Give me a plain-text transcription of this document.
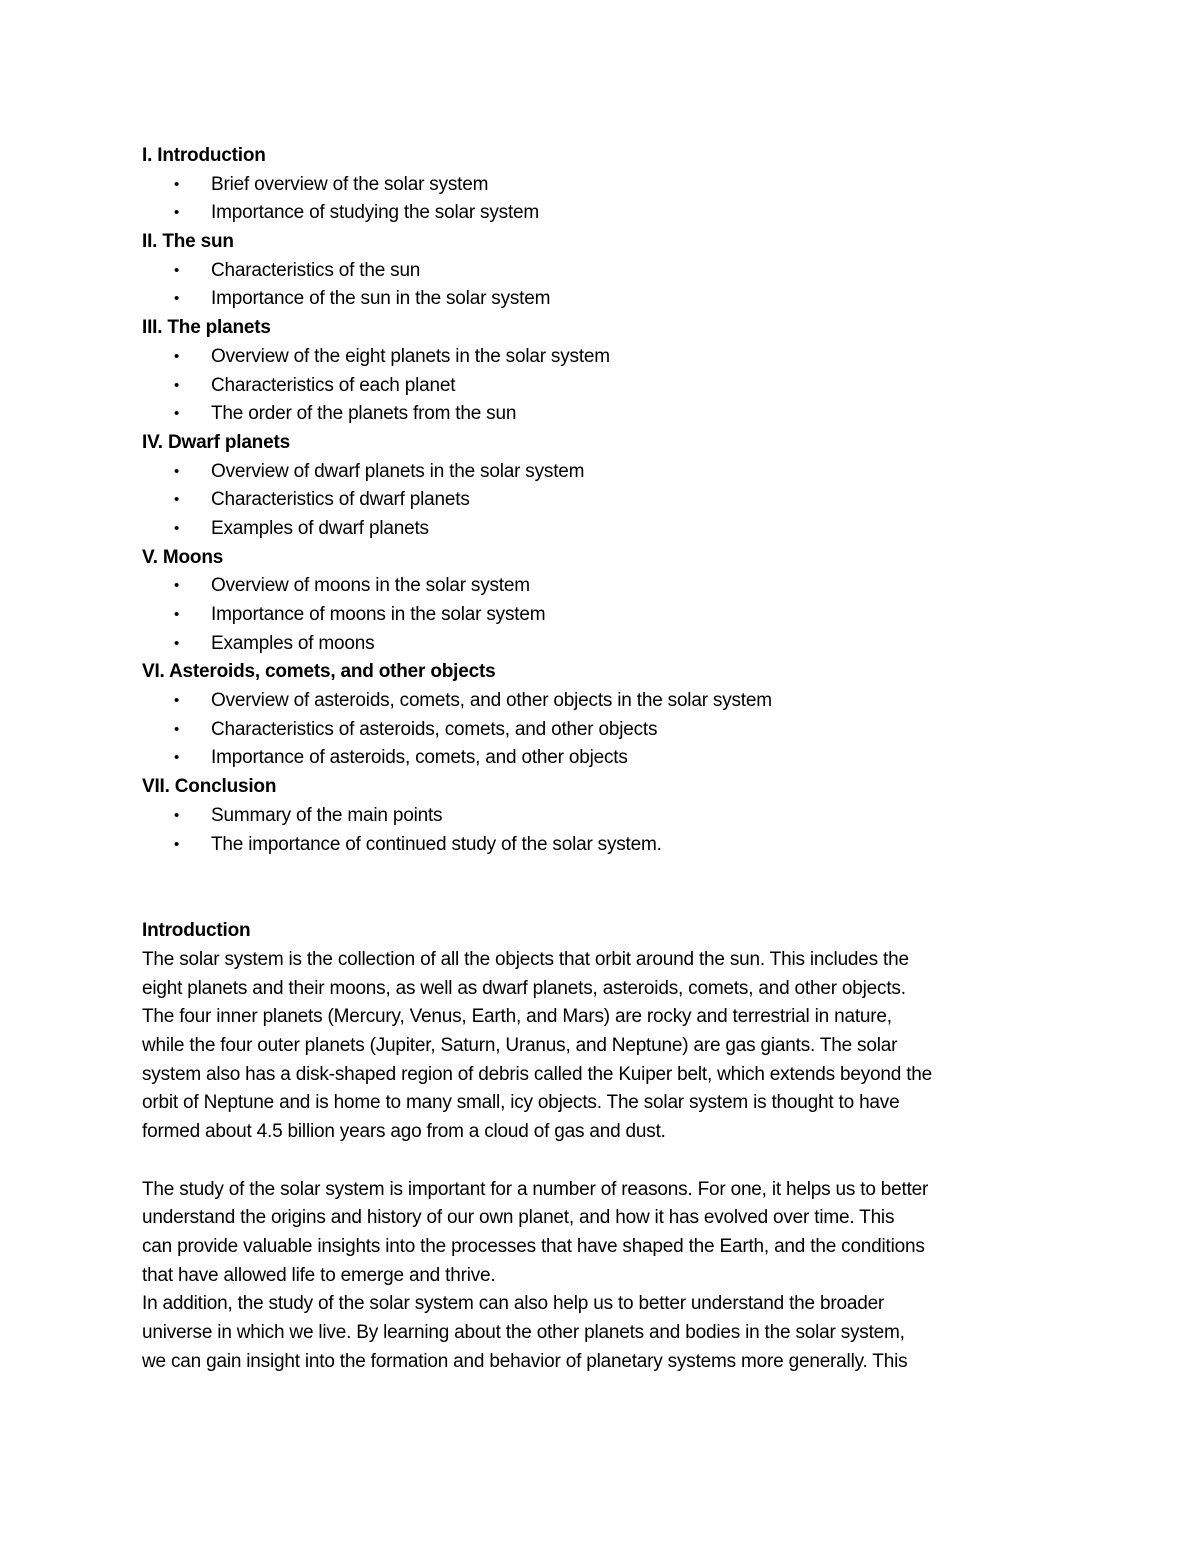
I. Introduction
• Brief overview of the solar system
• Importance of studying the solar system
II. The sun
• Characteristics of the sun
• Importance of the sun in the solar system
III. The planets
• Overview of the eight planets in the solar system
• Characteristics of each planet
• The order of the planets from the sun
IV. Dwarf planets
• Overview of dwarf planets in the solar system
• Characteristics of dwarf planets
• Examples of dwarf planets
V. Moons
• Overview of moons in the solar system
• Importance of moons in the solar system
• Examples of moons
VI. Asteroids, comets, and other objects
• Overview of asteroids, comets, and other objects in the solar system
• Characteristics of asteroids, comets, and other objects
• Importance of asteroids, comets, and other objects
VII. Conclusion
• Summary of the main points
• The importance of continued study of the solar system.
Introduction
The solar system is the collection of all the objects that orbit around the sun. This includes the
eight planets and their moons, as well as dwarf planets, asteroids, comets, and other objects.
The four inner planets (Mercury, Venus, Earth, and Mars) are rocky and terrestrial in nature,
while the four outer planets (Jupiter, Saturn, Uranus, and Neptune) are gas giants. The solar
system also has a disk-shaped region of debris called the Kuiper belt, which extends beyond the
orbit of Neptune and is home to many small, icy objects. The solar system is thought to have
formed about 4.5 billion years ago from a cloud of gas and dust.
The study of the solar system is important for a number of reasons. For one, it helps us to better
understand the origins and history of our own planet, and how it has evolved over time. This
can provide valuable insights into the processes that have shaped the Earth, and the conditions
that have allowed life to emerge and thrive.
In addition, the study of the solar system can also help us to better understand the broader
universe in which we live. By learning about the other planets and bodies in the solar system,
we can gain insight into the formation and behavior of planetary systems more generally. This
